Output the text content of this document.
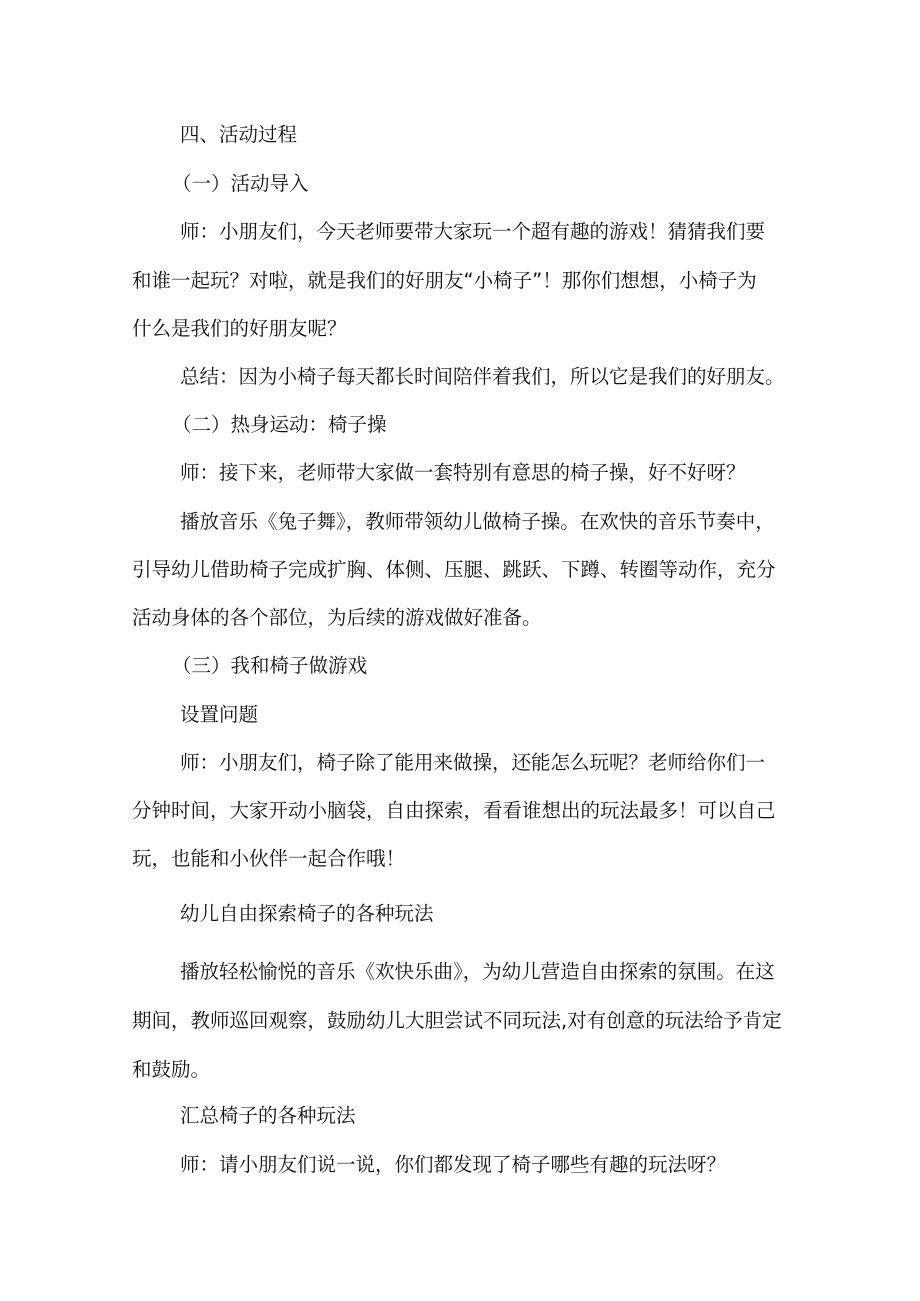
四、活动过程

（一）活动导入

师：小朋友们，今天老师要带大家玩一个超有趣的游戏！猜猜我们要

和谁一起玩？对啦，就是我们的好朋友“小椅子”！那你们想想，小椅子为

什么是我们的好朋友呢？

总结：因为小椅子每天都长时间陪伴着我们，所以它是我们的好朋友。

（二）热身运动：椅子操

师：接下来，老师带大家做一套特别有意思的椅子操，好不好呀？

播放音乐《兔子舞》，教师带领幼儿做椅子操。在欢快的音乐节奏中，

引导幼儿借助椅子完成扩胸、体侧、压腿、跳跃、下蹲、转圈等动作，充分

活动身体的各个部位，为后续的游戏做好准备。

（三）我和椅子做游戏

设置问题

师：小朋友们，椅子除了能用来做操，还能怎么玩呢？老师给你们一

分钟时间，大家开动小脑袋，自由探索，看看谁想出的玩法最多！可以自己

玩，也能和小伙伴一起合作哦！

幼儿自由探索椅子的各种玩法

播放轻松愉悦的音乐《欢快乐曲》，为幼儿营造自由探索的氛围。在这

期间，教师巡回观察，鼓励幼儿大胆尝试不同玩法,对有创意的玩法给予肯定

和鼓励。

汇总椅子的各种玩法

师：请小朋友们说一说，你们都发现了椅子哪些有趣的玩法呀？
